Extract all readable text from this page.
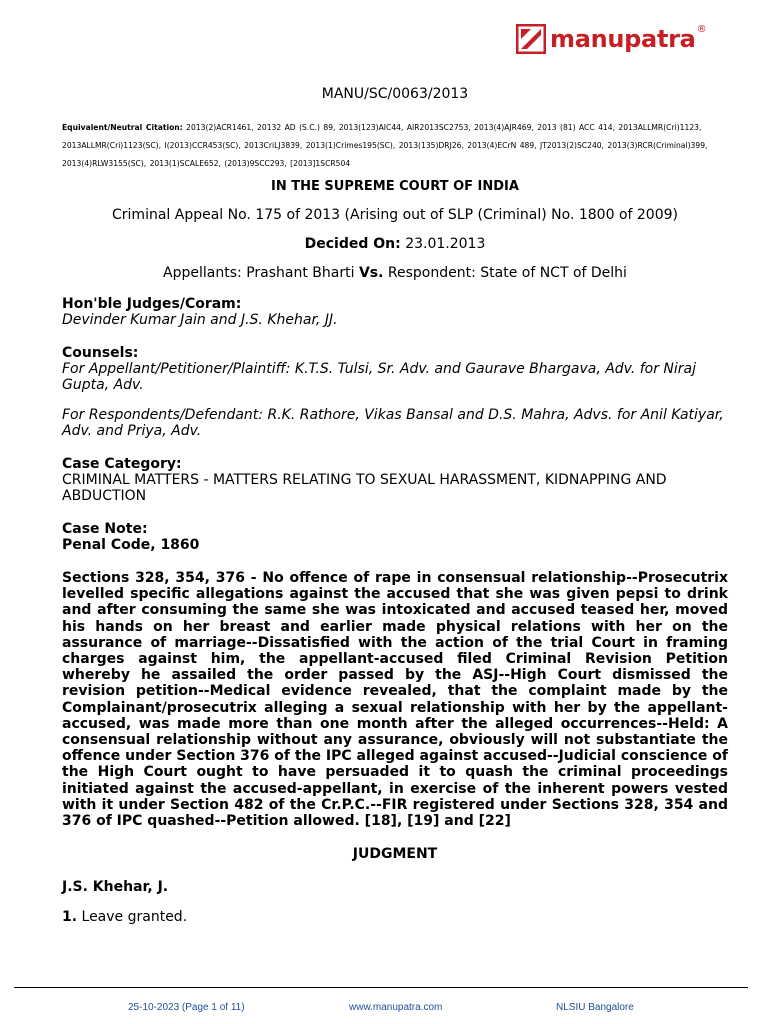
manupatra ®

MANU/SC/0063/2013

Equivalent/Neutral Citation: 2013(2)ACR1461, 20132 AD (S.C.) 89, 2013(123)AIC44, AIR2013SC2753, 2013(4)AJR469, 2013 (81) ACC 414, 2013ALLMR(Cri)1123, 2013ALLMR(Cri)1123(SC), I(2013)CCR453(SC), 2013CriLJ3839, 2013(1)Crimes195(SC), 2013(135)DRJ26, 2013(4)ECrN 489, JT2013(2)SC240, 2013(3)RCR(Criminal)399, 2013(4)RLW3155(SC), 2013(1)SCALE652, (2013)9SCC293, [2013]1SCR504

IN THE SUPREME COURT OF INDIA

Criminal Appeal No. 175 of 2013 (Arising out of SLP (Criminal) No. 1800 of 2009)

Decided On: 23.01.2013

Appellants: Prashant Bharti Vs. Respondent: State of NCT of Delhi

Hon'ble Judges/Coram:

Devinder Kumar Jain and J.S. Khehar, JJ.

Counsels:

For Appellant/Petitioner/Plaintiff: K.T.S. Tulsi, Sr. Adv. and Gaurave Bhargava, Adv. for Niraj Gupta, Adv.

For Respondents/Defendant: R.K. Rathore, Vikas Bansal and D.S. Mahra, Advs. for Anil Katiyar, Adv. and Priya, Adv.

Case Category:

CRIMINAL MATTERS - MATTERS RELATING TO SEXUAL HARASSMENT, KIDNAPPING AND ABDUCTION

Case Note:

Penal Code, 1860

Sections 328, 354, 376 - No offence of rape in consensual relationship--Prosecutrix levelled specific allegations against the accused that she was given pepsi to drink and after consuming the same she was intoxicated and accused teased her, moved his hands on her breast and earlier made physical relations with her on the assurance of marriage--Dissatisfied with the action of the trial Court in framing charges against him, the appellant-accused filed Criminal Revision Petition whereby he assailed the order passed by the ASJ--High Court dismissed the revision petition--Medical evidence revealed, that the complaint made by the Complainant/prosecutrix alleging a sexual relationship with her by the appellant-accused, was made more than one month after the alleged occurrences--Held: A consensual relationship without any assurance, obviously will not substantiate the offence under Section 376 of the IPC alleged against accused--Judicial conscience of the High Court ought to have persuaded it to quash the criminal proceedings initiated against the accused-appellant, in exercise of the inherent powers vested with it under Section 482 of the Cr.P.C.--FIR registered under Sections 328, 354 and 376 of IPC quashed--Petition allowed. [18], [19] and [22]

JUDGMENT

J.S. Khehar, J.

1. Leave granted.

25-10-2023 (Page 1 of 11)	www.manupatra.com	NLSIU Bangalore
